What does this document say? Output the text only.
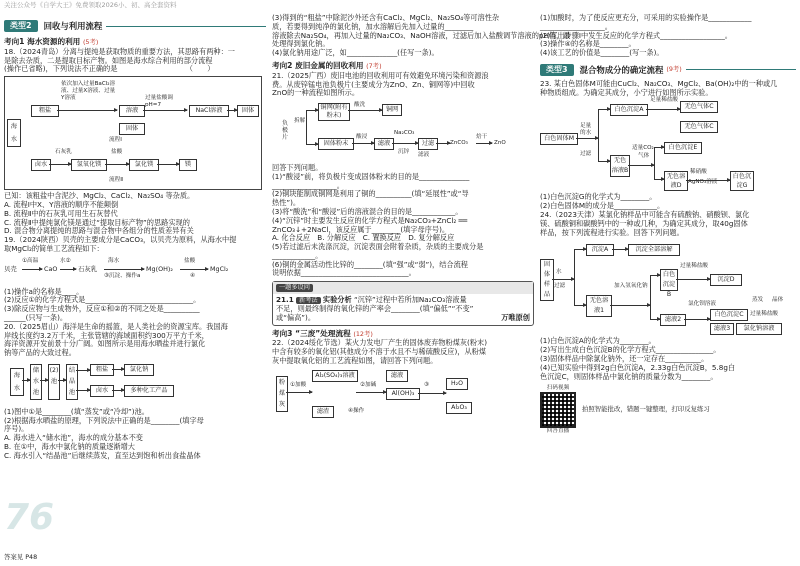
关注公众号《自学大王》免费领取2026小、初、高全套资料
类型2	回收与利用流程
考向1 海水资源的利用 (5考)
18.（2024青岛）分离与提纯是获取物质的重要方法，其思路有两种：一
是除去杂质，二是提取目标产物。如图是海水综合利用的部分流程
(操作已省略)，下列说法不正确的是　　　　　　　　　　（　　）
海水
粗盐
依次加入过量BaCl₂溶液、过量X溶液、过量Y溶液
溶液
过量盐酸调pH=7
NaCl溶液	固体
固体
流程Ⅰ
卤水
石灰乳
氢氧化镁
盐酸
氯化镁	镁
流程Ⅱ
已知：该粗盐中含泥沙、MgCl₂、CaCl₂、Na₂SO₄ 等杂质。
A. 流程Ⅰ中X、Y溶液的顺序不能颠倒
B. 流程Ⅱ中的石灰乳可用生石灰替代
C. 流程Ⅱ中提纯氯化镁是通过“提取目标产物”的思路实现的
D. 混合物分离提纯的思路与混合物中各组分的性质差异有关
19.（2024陕西）贝壳的主要成分是CaCO₃，以贝壳为原料，从海水中提
取MgCl₂的简单工艺流程如下：
贝壳
①高温
CaO
水②
石灰乳
海水
③沉淀、操作a
Mg(OH)₂
盐酸
④
MgCl₂
(1)操作a的名称是____。
(2)反应①的化学方程式是______________________________。
(3)除反应物与生成物外，反应①和②的不同之处是__________
______(只写一条)。
20.（2025眉山）海洋是生命的摇篮，是人类社会的资源宝库。我国海
岸线长度约3.2万千米，主张管辖的海域面积约300万平方千米，
海洋资源开发前景十分广阔。如图所示是用海水晒盐并进行氯化
钠等产品的大致过程。
海水
储水池
(2)池
结晶池
粗盐	氯化钠
卤水	多种化工产品
(1)图中①是________(填“蒸发”或“冷却”)池。
(2)根据海水晒盐的原理，下列说法中正确的是________(填字母
序号)。
A. 海水进入“储水池”，海水的成分基本不变
B. 在①中，海水中氯化钠的质量逐渐增大
C. 海水引入“结晶池”后继续蒸发，直至达到饱和析出食盐晶体
76
答案见 P48
(3)得到的“粗盐”中除泥沙外还含有CaCl₂、MgCl₂、Na₂SO₄等可溶性杂
质，若要得到纯净的氯化钠，加水溶解后先加入过量的________
溶液除去Na₂SO₄，再加入过量的Na₂CO₃、NaOH溶液，过滤后加入盐酸调节溶液的pH值，最
处理得到氯化钠。
(4)氯化钠用途广泛，如______________(任写一条)。
考向2 废旧金属的回收利用 (7考)
21.（2025广西）废旧电池的回收利用可有效避免环境污染和资源浪
费。从废锌锰电池负极片(主要成分为ZnO、Zn、铜网等)中回收
ZnO的一种流程如图所示。
负极片
拆解
铜网(附有粉末)
酸洗
铜网
固体粉末
酸浸
滤液
Na₂CO₃
沉锌
过滤
滤液
ZnCO₃
焙干
ZnO
回答下列问题。
(1)“酸浸”前，将负极片变成固体粉末的目的是______________
__________________。
(2)铜块能制成铜网是利用了铜的__________(填“延展性”或“导
热性”)。
(3)将“酸洗”和“酸浸”后的溶液混合的目的是____________。
(4)“沉锌”时主要发生反应的化学方程式是Na₂CO₃+ZnCl₂ ══
ZnCO₃↓+2NaCl，该反应属于________(填字母序号)。
A. 化合反应　B. 分解反应　C. 置换反应　D. 复分解反应
(5)若过滤后未洗涤沉淀，沉淀表面会附着杂质，杂质的主要成分是
____________。
(6)铜的金属活动性比锌的________(填“强”或“弱”)，结合流程
说明依据______________________________。
一题多设问
21.1 新考法 实验分析 “沉锌”过程中若所加Na₂CO₃溶液量
不足，则最终制得的氧化锌的产率会________(填“偏低”“不变”
或“偏高”)。	万唯原创
考向3 “三废”处理流程 (12考)
22.（2024绥化节选）某火力发电厂产生的固体废弃物粉煤灰(粉末)
中含有较多的氧化铝(其他成分不溶于水且不与稀硫酸反应)，从粉煤
灰中提取氧化铝的工艺流程如图，请回答下列问题。
粉煤灰
①加酸
Al₂(SO₄)₃溶液
滤渣
②加碱
滤液
Al(OH)₃
③	H₂O
Al₂O₃
④操作
(1)加酸时，为了使反应更充分，可采用的实验操作是____________
__________________。
(2)写出步骤Ⅰ中发生反应的化学方程式__________________。
(3)操作④的名称是________。
(4)该工艺的价值是________(写一条)。
类型3	混合物成分的确定流程 (9考)
23. 某白色固体M可能由CuCl₂、Na₂CO₃、MgCl₂、Ba(OH)₂中的一种或几
种物质组成。为确定其成分，小宁进行如图所示实验。
白色固体M
足量的水
白色沉淀A
足量稀盐酸
无色气体C
无色气体C
过滤
无色溶液B
适量CO₂
气体
白色沉淀E
无色溶液D
稀硝酸
AgNO₃溶液
白色沉淀G
(1)白色沉淀G的化学式为________。
(2)白色固体M的成分是____________。
24.（2023天津）某氯化钠样品中可能含有硫酸钠、硝酸钡、氯化
镁、硫酸铜和碳酸钙中的一种或几种，为确定其成分，取40g固体
样品，按下列流程进行实验。回答下列问题。
固体样品
水
过滤
沉淀A	沉淀全部溶解
无色溶液1
加入氢氧化钠
白色沉淀B
过量稀盐酸
沉淀D
滤液2
氯化钡溶液
白色沉淀C
滤液3
过量稀盐酸
氯化钠溶液
蒸发 晶体
(1)白色沉淀A的化学式为________。
(2)写出生成白色沉淀B的化学方程式________________。
(3)固体样品中除氯化钠外，还一定存在__________。
(4)已知实验中得到2g白色沉淀A，2.33g白色沉淀B，5.8g白
色沉淀C，则固体样品中氯化钠的质量分数为________。
扫码视频
回答直播
拍照智能批改，错题一键整理，打印反复练习
